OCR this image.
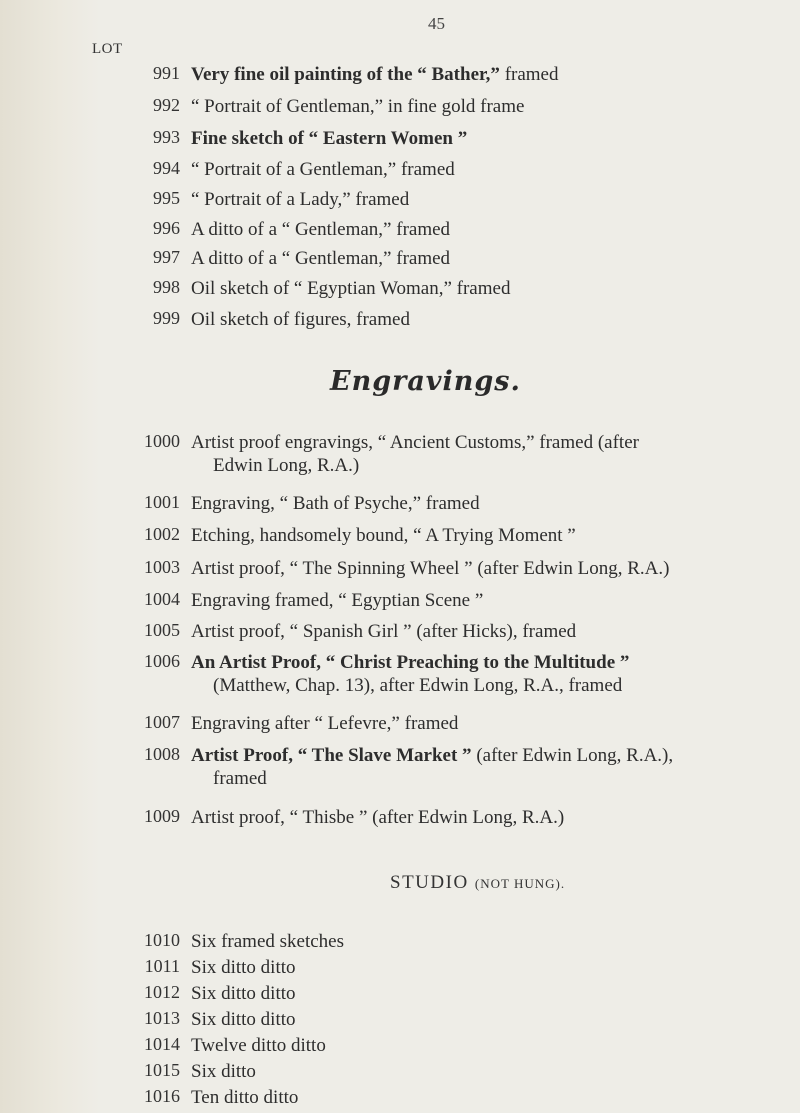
45
LOT
991 Very fine oil painting of the “ Bather,” framed
992 “ Portrait of Gentleman,” in fine gold frame
993 Fine sketch of “ Eastern Women ”
994 “ Portrait of a Gentleman,” framed
995 “ Portrait of a Lady,” framed
996 A ditto of a “ Gentleman,” framed
997 A ditto of a “ Gentleman,” framed
998 Oil sketch of “ Egyptian Woman,” framed
999 Oil sketch of figures, framed
Engravings.
1000 Artist proof engravings, “ Ancient Customs,” framed (after
Edwin Long, R.A.)
1001 Engraving, “ Bath of Psyche,” framed
1002 Etching, handsomely bound, “ A Trying Moment ”
1003 Artist proof, “ The Spinning Wheel ” (after Edwin Long, R.A.)
1004 Engraving framed, “ Egyptian Scene ”
1005 Artist proof, “ Spanish Girl ” (after Hicks), framed
1006 An Artist Proof, “ Christ Preaching to the Multitude ”
(Matthew, Chap. 13), after Edwin Long, R.A., framed
1007 Engraving after “ Lefevre,” framed
1008 Artist Proof, “ The Slave Market ” (after Edwin Long, R.A.),
framed
1009 Artist proof, “ Thisbe ” (after Edwin Long, R.A.)
STUDIO (NOT HUNG).
1010 Six framed sketches
1011 Six ditto ditto
1012 Six ditto ditto
1013 Six ditto ditto
1014 Twelve ditto ditto
1015 Six ditto
1016 Ten ditto ditto
